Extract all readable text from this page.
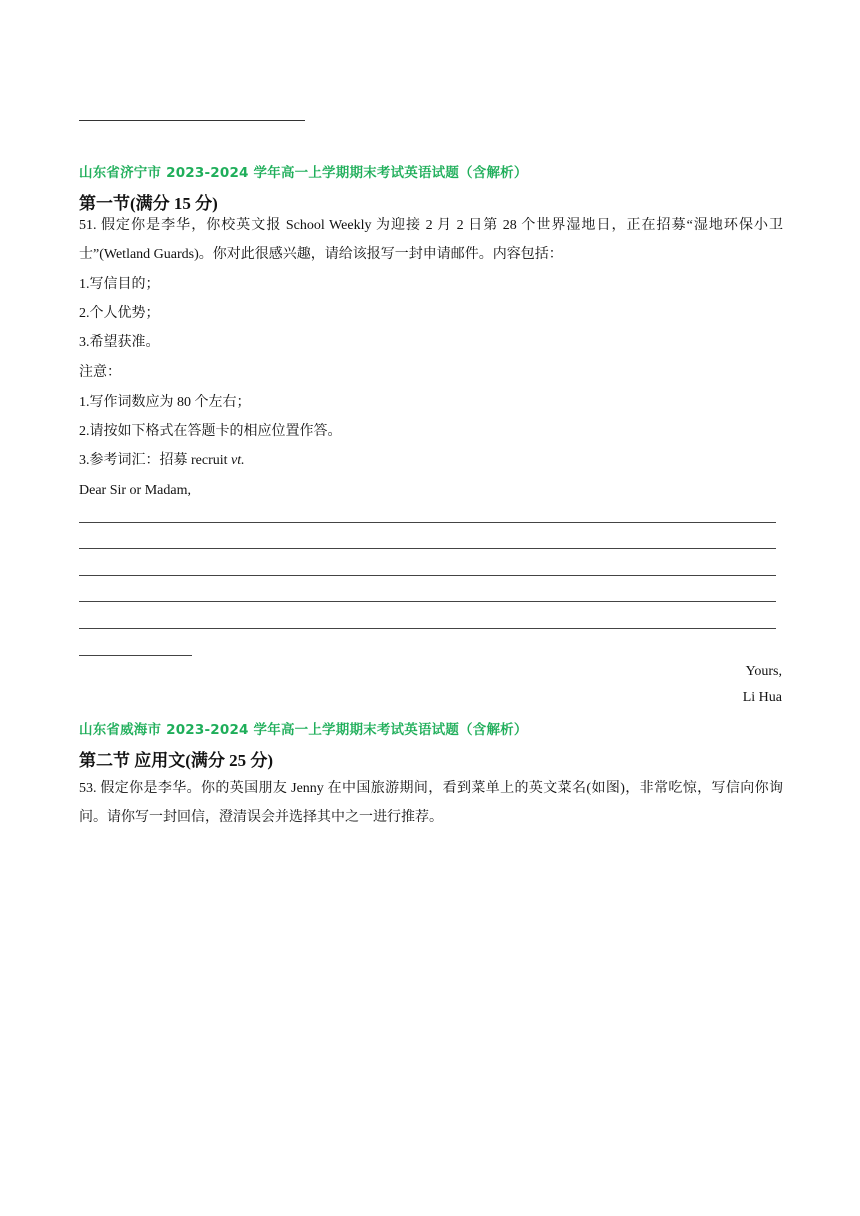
山东省济宁市 2023-2024 学年高一上学期期末考试英语试题（含解析）
第一节(满分 15 分)
51. 假定你是李华，你校英文报 School Weekly 为迎接 2 月 2 日第 28 个世界湿地日，正在招募“湿地环保小卫士”(Wetland Guards)。你对此很感兴趣，请给该报写一封申请邮件。内容包括：
1.写信目的；
2.个人优势；
3.希望获准。
注意：
1.写作词数应为 80 个左右；
2.请按如下格式在答题卡的相应位置作答。
3.参考词汇：招募 recruit vt.
Dear Sir or Madam,
Yours,
Li Hua
山东省威海市 2023-2024 学年高一上学期期末考试英语试题（含解析）
第二节 应用文(满分 25 分)
53. 假定你是李华。你的英国朋友 Jenny 在中国旅游期间，看到菜单上的英文菜名(如图)，非常吃惊，写信向你询问。请你写一封回信，澄清误会并选择其中之一进行推荐。
